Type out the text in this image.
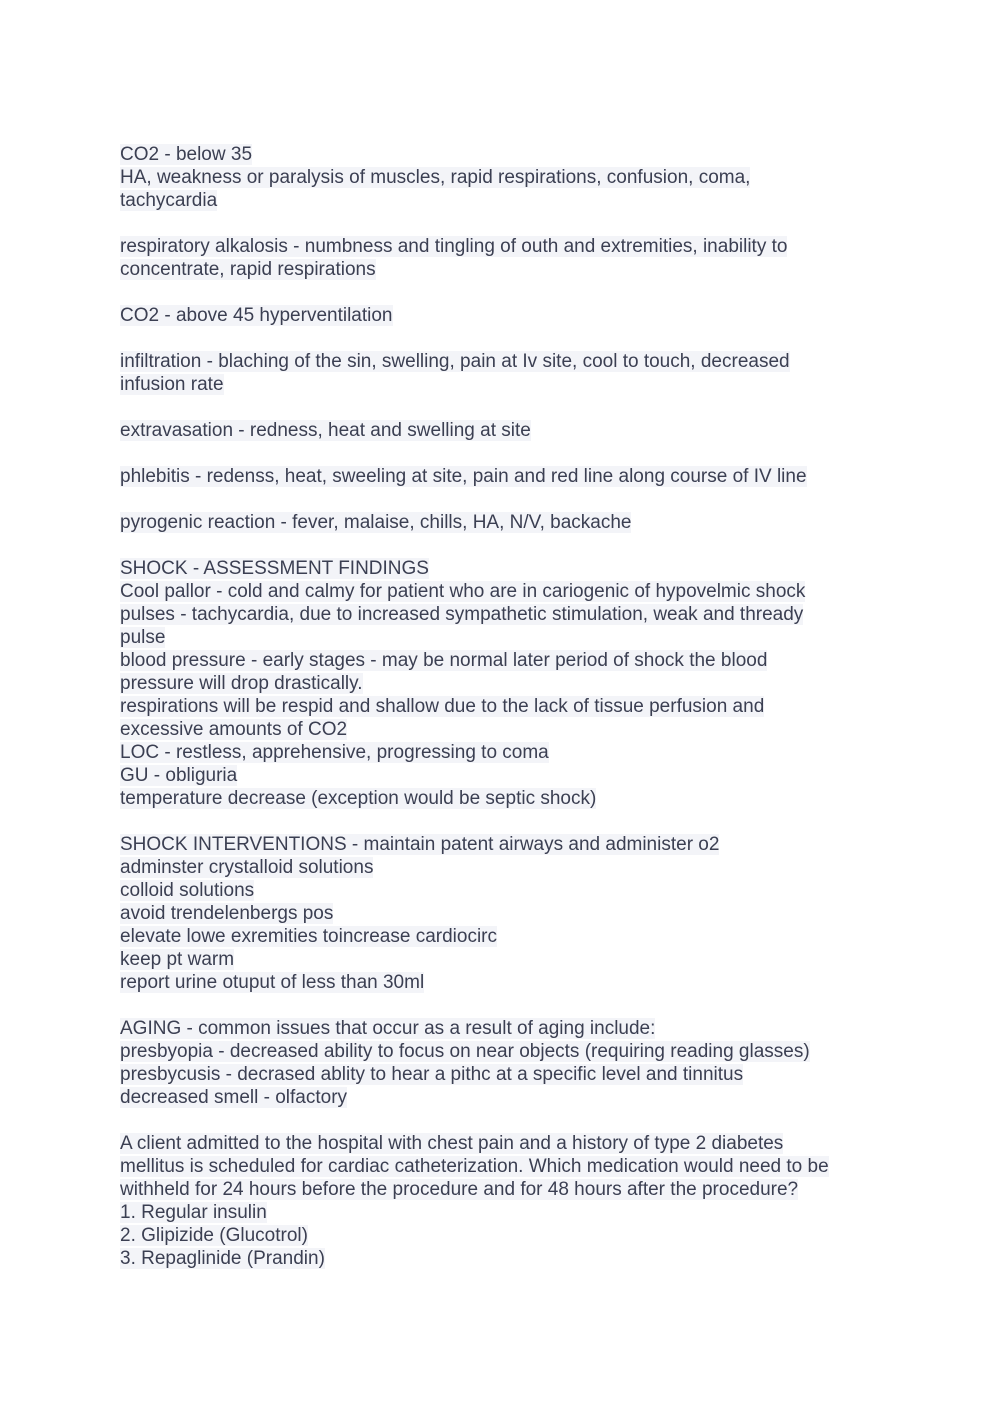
CO2 - below 35
HA, weakness or paralysis of muscles, rapid respirations, confusion, coma,
tachycardia
respiratory alkalosis - numbness and tingling of outh and extremities, inability to
concentrate, rapid respirations
CO2 - above 45 hyperventilation
infiltration - blaching of the sin, swelling, pain at Iv site, cool to touch, decreased
infusion rate
extravasation - redness, heat and swelling at site
phlebitis - redenss, heat, sweeling at site, pain and red line along course of IV line
pyrogenic reaction - fever, malaise, chills, HA, N/V, backache
SHOCK - ASSESSMENT FINDINGS
Cool pallor - cold and calmy for patient who are in cariogenic of hypovelmic shock
pulses - tachycardia, due to increased sympathetic stimulation, weak and thready
pulse
blood pressure - early stages - may be normal later period of shock the blood
pressure will drop drastically.
respirations will be respid and shallow due to the lack of tissue perfusion and
excessive amounts of CO2
LOC - restless, apprehensive, progressing to coma
GU - obliguria
temperature decrease (exception would be septic shock)
SHOCK INTERVENTIONS - maintain patent airways and administer o2
adminster crystalloid solutions
colloid solutions
avoid trendelenbergs pos
elevate lowe exremities toincrease cardiocirc
keep pt warm
report urine otuput of less than 30ml
AGING - common issues that occur as a result of aging include:
presbyopia - decreased ability to focus on near objects (requiring reading glasses)
presbycusis - decrased ablity to hear a pithc at a specific level and tinnitus
decreased smell - olfactory
A client admitted to the hospital with chest pain and a history of type 2 diabetes
mellitus is scheduled for cardiac catheterization. Which medication would need to be
withheld for 24 hours before the procedure and for 48 hours after the procedure?
1. Regular insulin
2. Glipizide (Glucotrol)
3. Repaglinide (Prandin)
